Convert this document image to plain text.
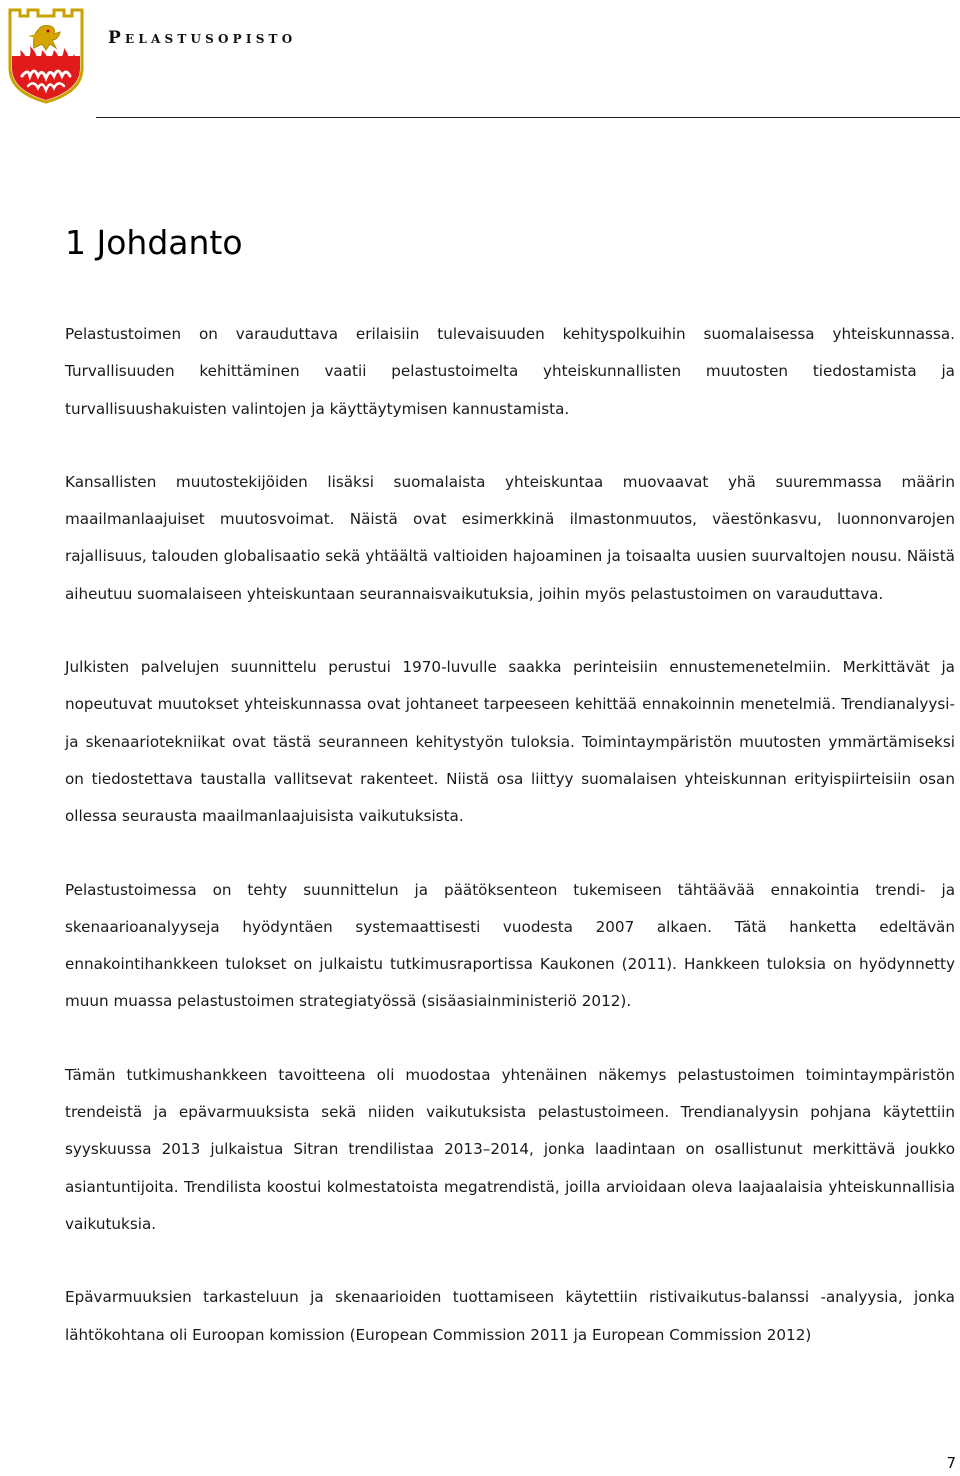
Pelastusopisto
1 Johdanto

Pelastustoimen on varauduttava erilaisiin tulevaisuuden kehityspolkuihin suomalaisessa yhteiskunnassa. Turvallisuuden kehittäminen vaatii pelastustoimelta yhteiskunnallisten muutosten tiedostamista ja turvallisuushakuisten valintojen ja käyttäytymisen kannustamista.

Kansallisten muutostekijöiden lisäksi suomalaista yhteiskuntaa muovaavat yhä suuremmassa määrin maailmanlaajuiset muutosvoimat. Näistä ovat esimerkkinä ilmastonmuutos, väestönkasvu, luonnonvarojen rajallisuus, talouden globalisaatio sekä yhtäältä valtioiden hajoaminen ja toisaalta uusien suurvaltojen nousu. Näistä aiheutuu suomalaiseen yhteiskuntaan seurannaisvaikutuksia, joihin myös pelastustoimen on varauduttava.

Julkisten palvelujen suunnittelu perustui 1970-luvulle saakka perinteisiin ennustemenetelmiin. Merkittävät ja nopeutuvat muutokset yhteiskunnassa ovat johtaneet tarpeeseen kehittää ennakoinnin menetelmiä. Trendianalyysi- ja skenaariotekniikat ovat tästä seuranneen kehitystyön tuloksia. Toimintaympäristön muutosten ymmärtämiseksi on tiedostettava taustalla vallitsevat rakenteet. Niistä osa liittyy suomalaisen yhteiskunnan erityispiirteisiin osan ollessa seurausta maailmanlaajuisista vaikutuksista.

Pelastustoimessa on tehty suunnittelun ja päätöksenteon tukemiseen tähtäävää ennakointia trendi- ja skenaarioanalyyseja hyödyntäen systemaattisesti vuodesta 2007 alkaen. Tätä hanketta edeltävän ennakointihankkeen tulokset on julkaistu tutkimusraportissa Kaukonen (2011). Hankkeen tuloksia on hyödynnetty muun muassa pelastustoimen strategiatyössä (sisäasiainministeriö 2012).

Tämän tutkimushankkeen tavoitteena oli muodostaa yhtenäinen näkemys pelastustoimen toimintaympäristön trendeistä ja epävarmuuksista sekä niiden vaikutuksista pelastustoimeen. Trendianalyysin pohjana käytettiin syyskuussa 2013 julkaistua Sitran trendilistaa 2013–2014, jonka laadintaan on osallistunut merkittävä joukko asiantuntijoita. Trendilista koostui kolmestatoista megatrendistä, joilla arvioidaan oleva laajaalaisia yhteiskunnallisia vaikutuksia.

Epävarmuuksien tarkasteluun ja skenaarioiden tuottamiseen käytettiin ristivaikutus-balanssi -analyysia, jonka lähtökohtana oli Euroopan komission (European Commission 2011 ja European Commission 2012)

7
